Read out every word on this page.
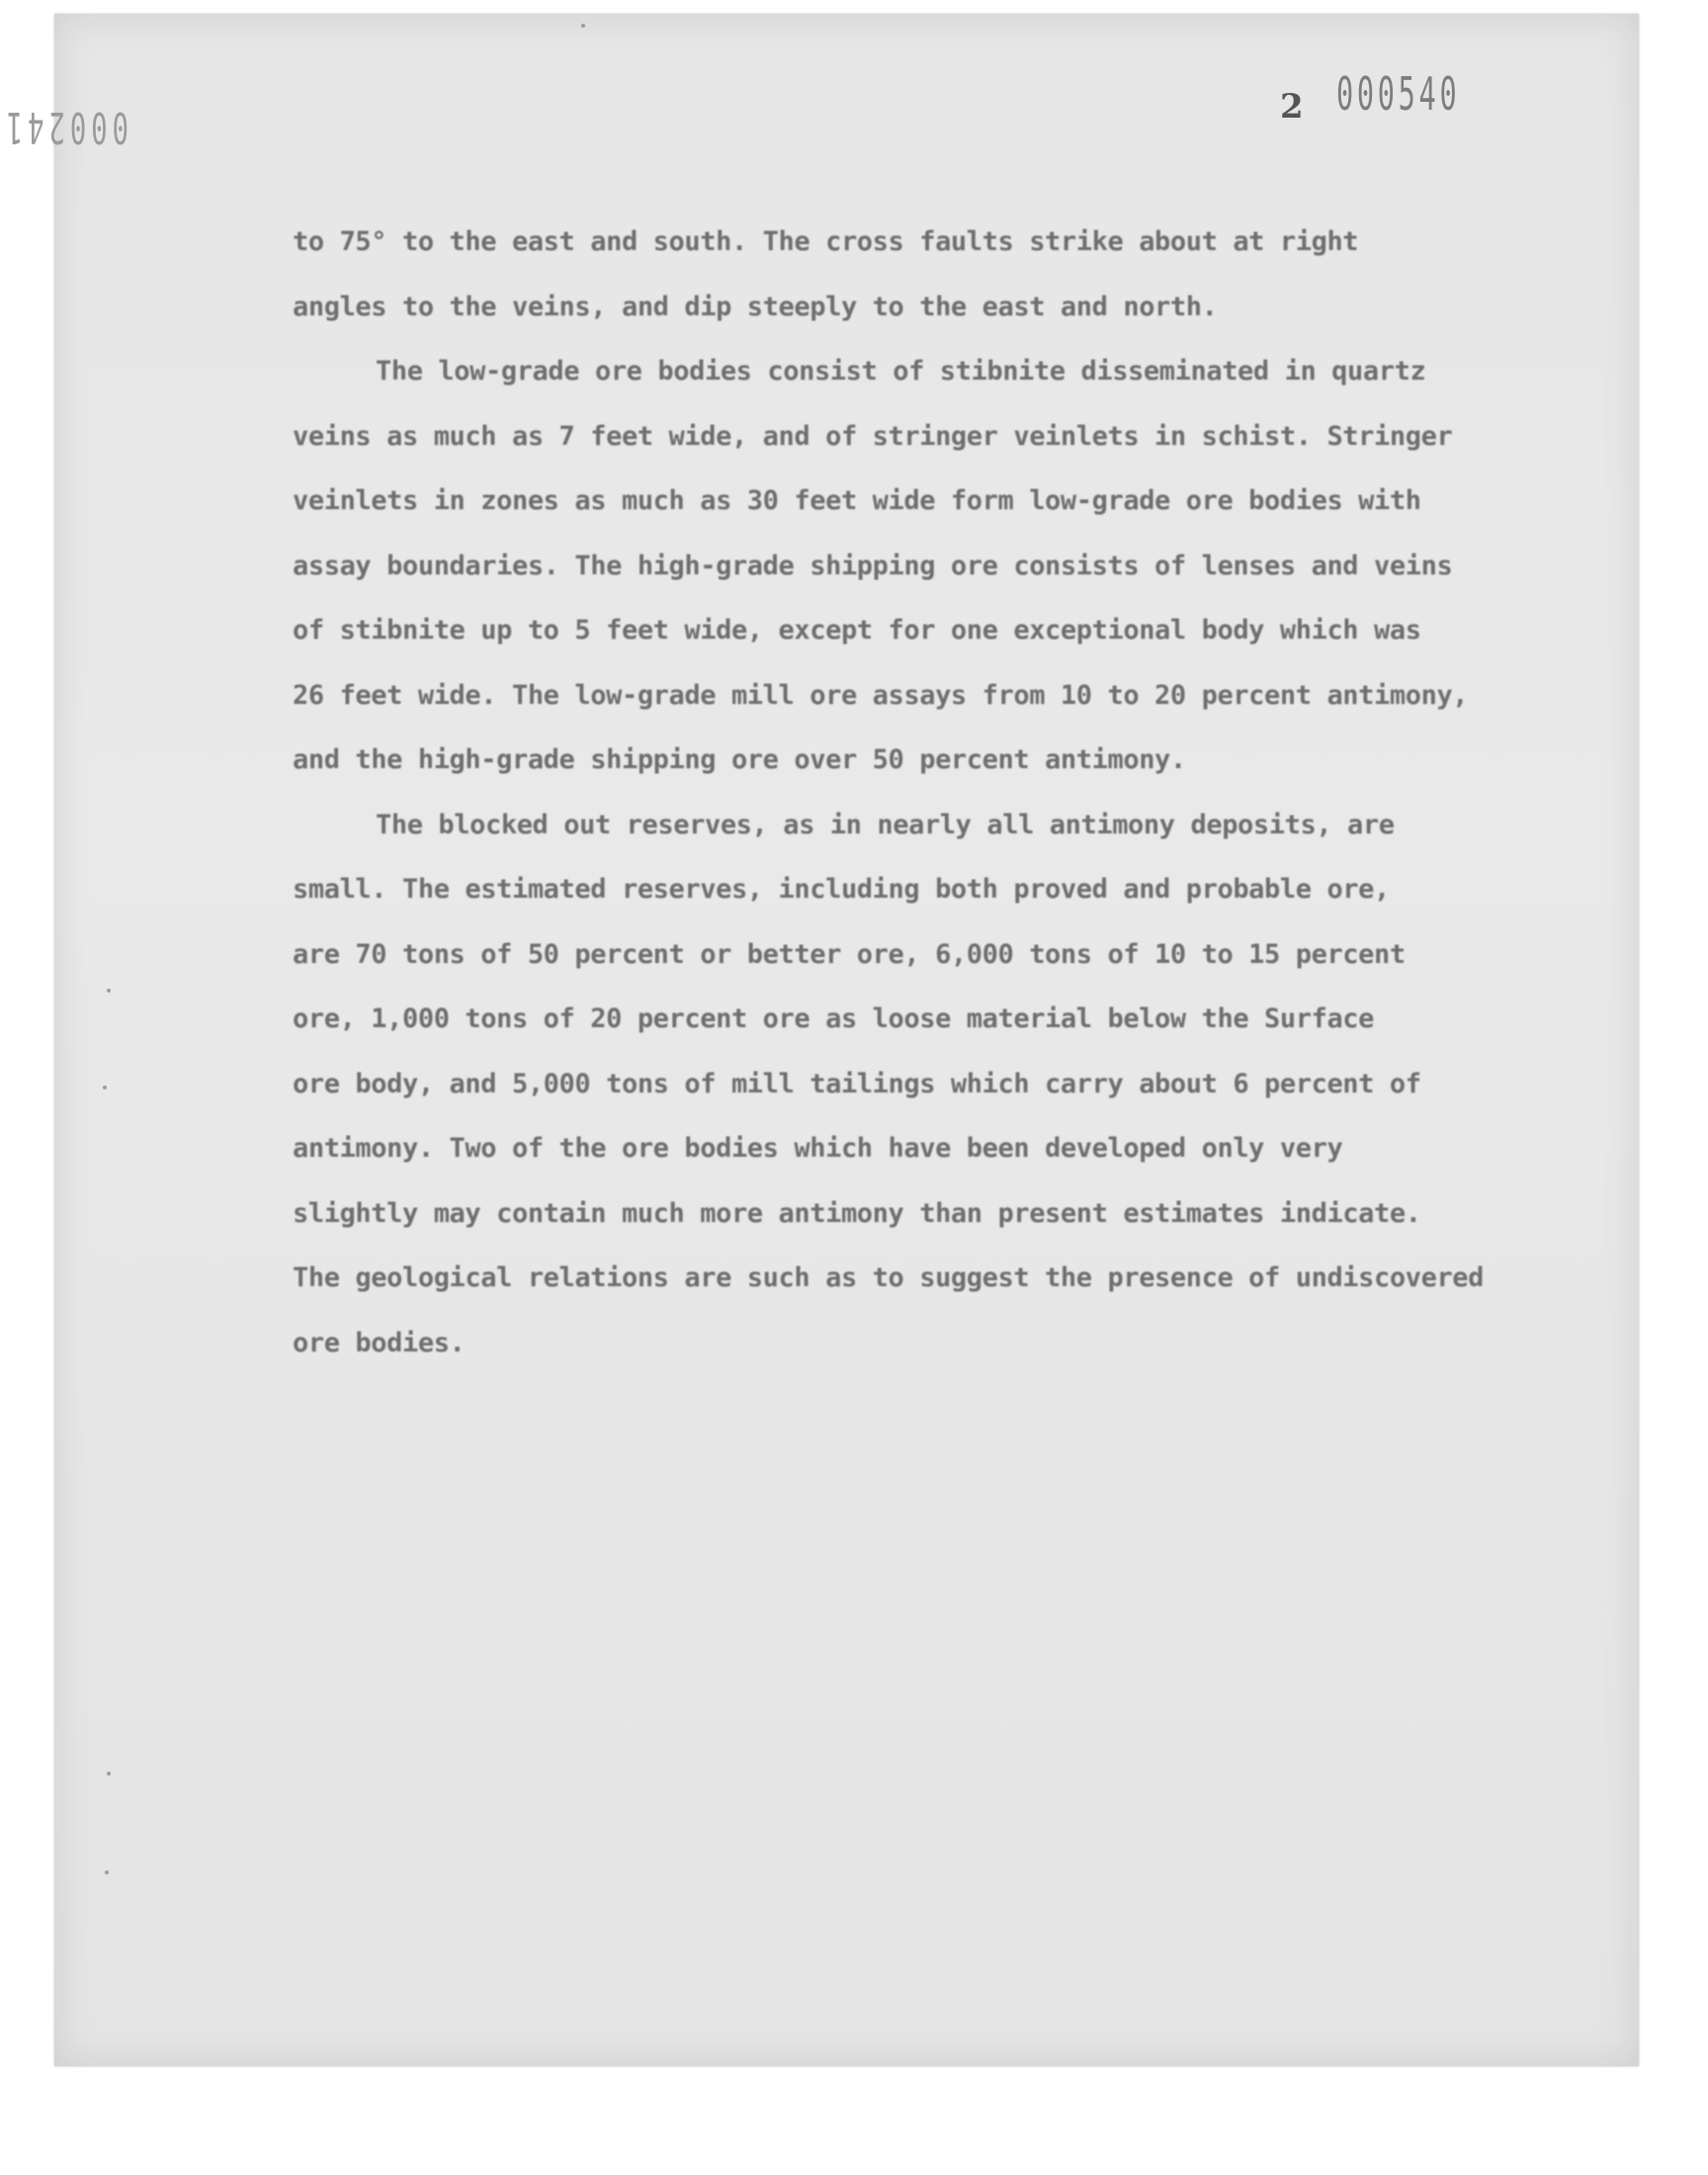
000241	2 000540
to 75° to the east and south. The cross faults strike about at right
angles to the veins, and dip steeply to the east and north.
The low-grade ore bodies consist of stibnite disseminated in quartz
veins as much as 7 feet wide, and of stringer veinlets in schist. Stringer
veinlets in zones as much as 30 feet wide form low-grade ore bodies with
assay boundaries. The high-grade shipping ore consists of lenses and veins
of stibnite up to 5 feet wide, except for one exceptional body which was
26 feet wide. The low-grade mill ore assays from 10 to 20 percent antimony,
and the high-grade shipping ore over 50 percent antimony.
The blocked out reserves, as in nearly all antimony deposits, are
small. The estimated reserves, including both proved and probable ore,
are 70 tons of 50 percent or better ore, 6,000 tons of 10 to 15 percent
ore, 1,000 tons of 20 percent ore as loose material below the Surface
ore body, and 5,000 tons of mill tailings which carry about 6 percent of
antimony. Two of the ore bodies which have been developed only very
slightly may contain much more antimony than present estimates indicate.
The geological relations are such as to suggest the presence of undiscovered
ore bodies.
